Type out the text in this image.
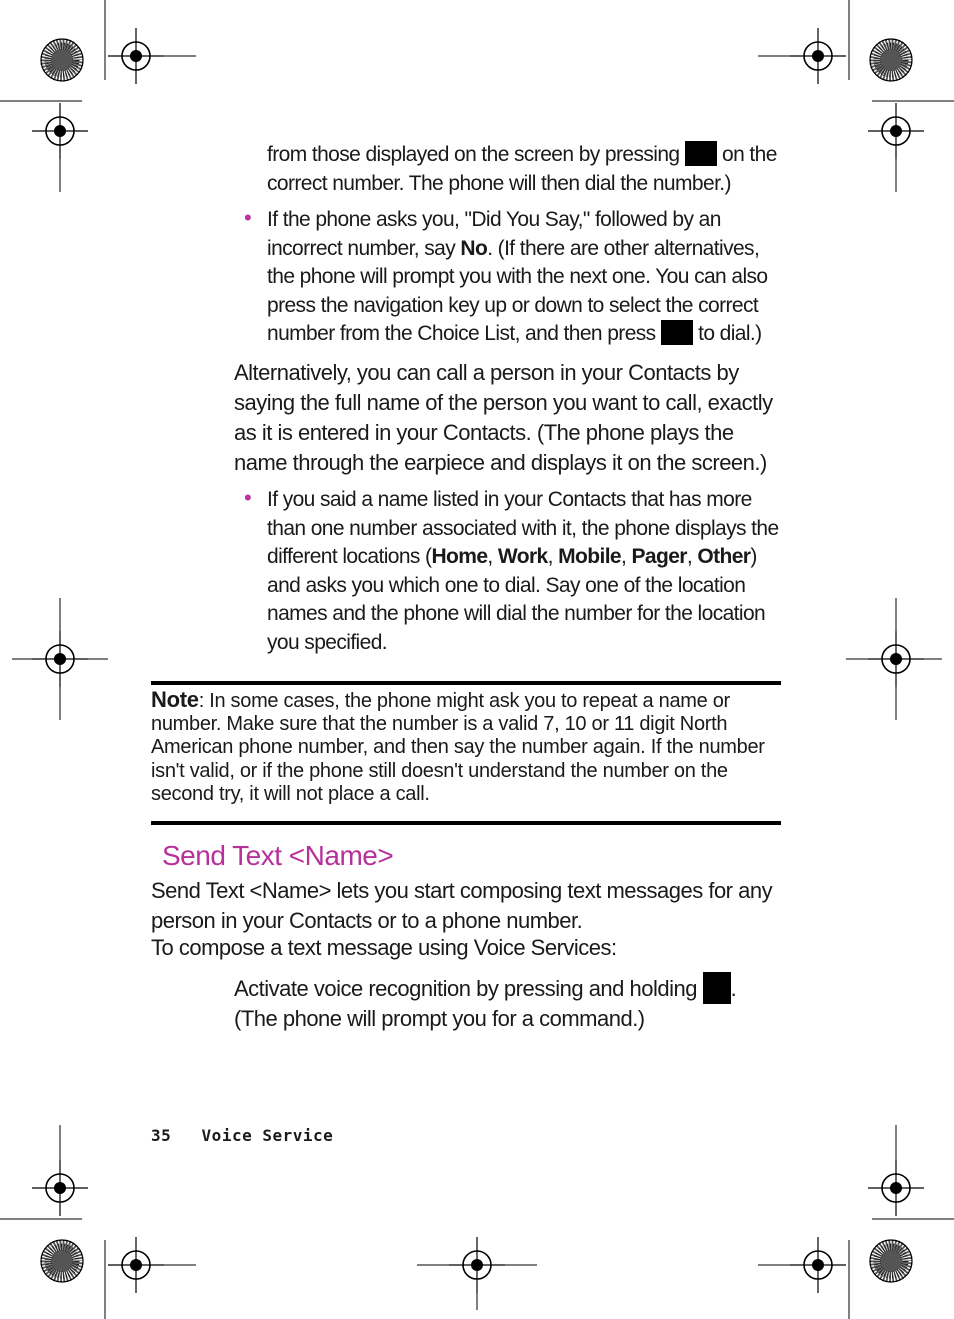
from those displayed on the screen by pressing on the correct number. The phone will then dial the number.)
• If the phone asks you, "Did You Say," followed by an incorrect number, say No. (If there are other alternatives, the phone will prompt you with the next one. You can also press the navigation key up or down to select the correct number from the Choice List, and then press to dial.)
Alternatively, you can call a person in your Contacts by saying the full name of the person you want to call, exactly as it is entered in your Contacts. (The phone plays the name through the earpiece and displays it on the screen.)
• If you said a name listed in your Contacts that has more than one number associated with it, the phone displays the different locations (Home, Work, Mobile, Pager, Other) and asks you which one to dial. Say one of the location names and the phone will dial the number for the location you specified.
Note: In some cases, the phone might ask you to repeat a name or number. Make sure that the number is a valid 7, 10 or 11 digit North American phone number, and then say the number again. If the number isn't valid, or if the phone still doesn't understand the number on the second try, it will not place a call.
Send Text <Name>
Send Text <Name> lets you start composing text messages for any person in your Contacts or to a phone number.
To compose a text message using Voice Services:
Activate voice recognition by pressing and holding .
(The phone will prompt you for a command.)
35 Voice Service
